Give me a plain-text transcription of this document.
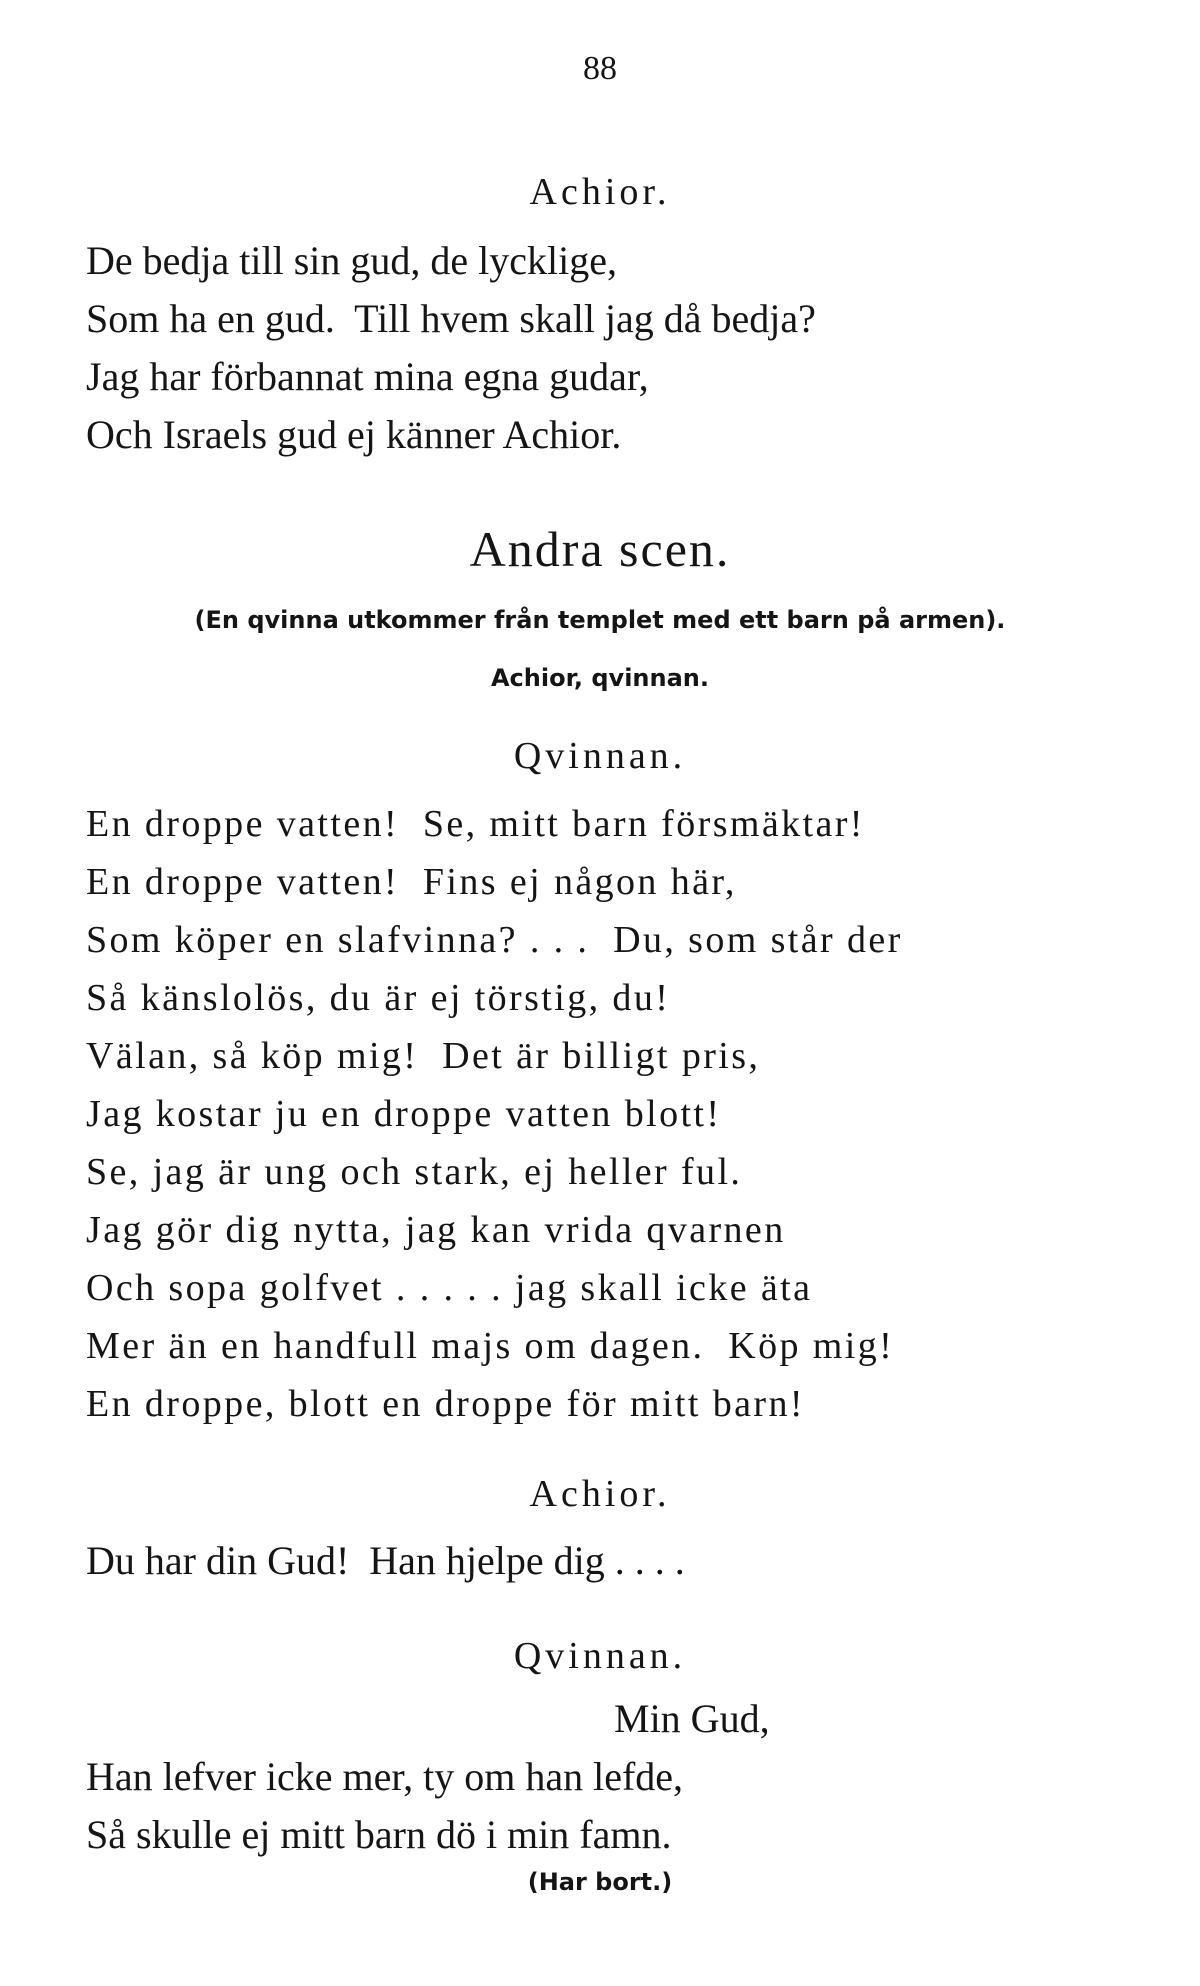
88
Achior.
De bedja till sin gud, de lycklige,
Som ha en gud.  Till hvem skall jag då bedja?
Jag har förbannat mina egna gudar,
Och Israels gud ej känner Achior.
Andra scen.
(En qvinna utkommer från templet med ett barn på armen).
Achior, qvinnan.
Qvinnan.
En droppe vatten!  Se, mitt barn försmäktar!
En droppe vatten!  Fins ej någon här,
Som köper en slafvinna? . . .  Du, som står der
Så känslolös, du är ej törstig, du!
Välan, så köp mig!  Det är billigt pris,
Jag kostar ju en droppe vatten blott!
Se, jag är ung och stark, ej heller ful.
Jag gör dig nytta, jag kan vrida qvarnen
Och sopa golfvet . . . . . jag skall icke äta
Mer än en handfull majs om dagen.  Köp mig!
En droppe, blott en droppe för mitt barn!
Achior.
Du har din Gud!  Han hjelpe dig . . . .
Qvinnan.
Min Gud,
Han lefver icke mer, ty om han lefde,
Så skulle ej mitt barn dö i min famn.
(Har bort.)
